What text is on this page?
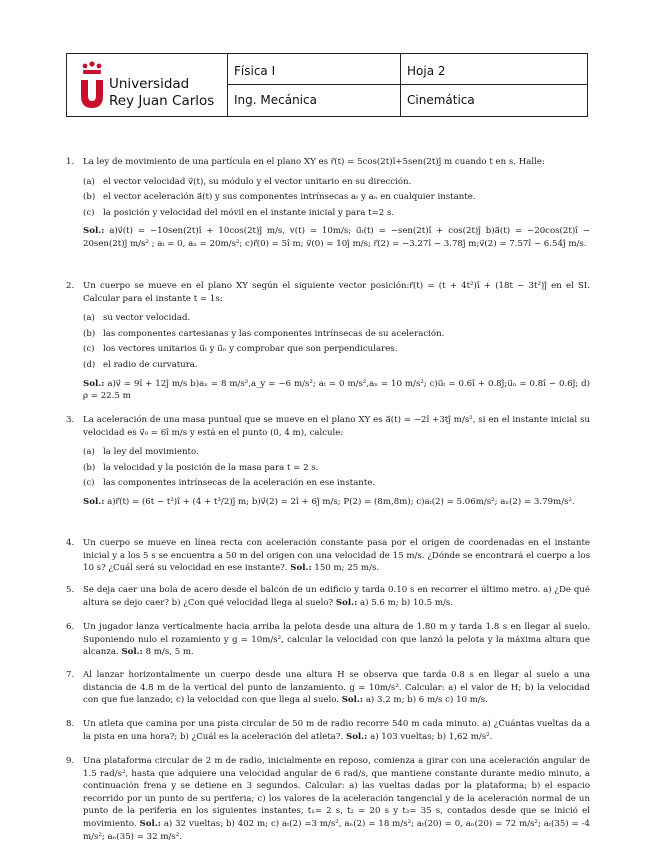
Universidad
Rey Juan Carlos
Física I
Ing. Mecánica
Hoja 2
Cinemática
1. La ley de movimiento de una partícula en el plano XY es r⃗(t) = 5cos(2t)î+5sen(2t)ĵ m cuando t en s. Halle:
(a) el vector velocidad v⃗(t), su módulo y el vector unitario en su dirección.
(b) el vector aceleración a⃗(t) y sus componentes intrínsecas aₜ y aₙ en cualquier instante.
(c) la posición y velocidad del móvil en el instante inicial y para t=2 s.
Sol.: a)v⃗(t) = −10sen(2t)î + 10cos(2t)ĵ m/s, v(t) = 10m/s; u⃗ₜ(t) = −sen(2t)î + cos(2t)ĵ b)a⃗(t) = −20cos(2t)î − 20sen(2t)ĵ m/s² ; aₜ = 0, aₙ = 20m/s²; c)r⃗(0) = 5î m; v⃗(0) = 10ĵ m/s; r⃗(2) = −3.27î − 3.78ĵ m;v⃗(2) = 7.57î − 6.54ĵ m/s.
2. Un cuerpo se mueve en el plano XY según el siguiente vector posición:r⃗(t) = (t + 4t²)î + (18t − 3t²)ĵ en el SI. Calcular para el instante t = 1s:
(a) su vector velocidad.
(b) las componentes cartesianas y las componentes intrínsecas de su aceleración.
(c) los vectores unitarios u⃗ₜ y u⃗ₙ y comprobar que son perpendiculares.
(d) el radio de curvatura.
Sol.: a)v⃗ = 9î + 12ĵ m/s b)aₓ = 8 m/s²,a_y = −6 m/s²; aₜ = 0 m/s²,aₙ = 10 m/s²; c)u⃗ₜ = 0.6î + 0.8ĵ;u⃗ₙ = 0.8î − 0.6ĵ; d) ρ = 22.5 m
3. La aceleración de una masa puntual que se mueve en el plano XY es a⃗(t) = −2î +3tĵ m/s², si en el instante inicial su velocidad es v⃗₀ = 6î m/s y está en el punto (0, 4 m), calcule:
(a) la ley del movimiento.
(b) la velocidad y la posición de la masa para t = 2 s.
(c) las componentes intrínsecas de la aceleración en ese instante.
Sol.: a)r⃗(t) = (6t − t²)î + (4 + t³/2)ĵ m; b)v⃗(2) = 2î + 6ĵ m/s; P(2) = (8m,8m); c)aₜ(2) = 5.06m/s²; aₙ(2) = 3.79m/s².
4. Un cuerpo se mueve en línea recta con aceleración constante pasa por el origen de coordenadas en el instante inicial y a los 5 s se encuentra a 50 m del origen con una velocidad de 15 m/s. ¿Dónde se encontrará el cuerpo a los 10 s? ¿Cuál será su velocidad en ese instante?. Sol.: 150 m; 25 m/s.
5. Se deja caer una bola de acero desde el balcón de un edificio y tarda 0.10 s en recorrer el último metro. a) ¿De qué altura se dejo caer? b) ¿Con qué velocidad llega al suelo? Sol.: a) 5.6 m; b) 10.5 m/s.
6. Un jugador lanza verticalmente hacia arriba la pelota desde una altura de 1.80 m y tarda 1.8 s en llegar al suelo. Suponiendo nulo el rozamiento y g = 10m/s², calcular la velocidad con que lanzó la pelota y la máxima altura que alcanza. Sol.: 8 m/s, 5 m.
7. Al lanzar horizontalmente un cuerpo desde una altura H se observa que tarda 0.8 s en llegar al suelo a una distancia de 4.8 m de la vertical del punto de lanzamiento. g = 10m/s². Calcular: a) el valor de H; b) la velocidad con que fue lanzado; c) la velocidad con que llega al suelo. Sol.: a) 3.2 m; b) 6 m/s c) 10 m/s.
8. Un atleta que camina por una pista circular de 50 m de radio recorre 540 m cada minuto. a) ¿Cuántas vueltas da a la pista en una hora?; b) ¿Cuál es la aceleración del atleta?. Sol.: a) 103 vueltas; b) 1,62 m/s².
9. Una plataforma circular de 2 m de radio, inicialmente en reposo, comienza a girar con una aceleración angular de 1.5 rad/s², hasta que adquiere una velocidad angular de 6 rad/s, que mantiene constante durante medio minuto, a continuación frena y se detiene en 3 segundos. Calcular: a) las vueltas dadas por la plataforma; b) el espacio recorrido por un punto de su periferia; c) los valores de la aceleración tangencial y de la aceleración normal de un punto de la periferia en los siguientes instantes, t₁= 2 s, t₂ = 20 s y t₃= 35 s, contados desde que se inició el movimiento. Sol.: a) 32 vueltas; b) 402 m; c) aₜ(2) =3 m/s², aₙ(2) = 18 m/s²; aₜ(20) = 0, aₙ(20) = 72 m/s²; aₜ(35) = -4 m/s²; aₙ(35) = 32 m/s².
